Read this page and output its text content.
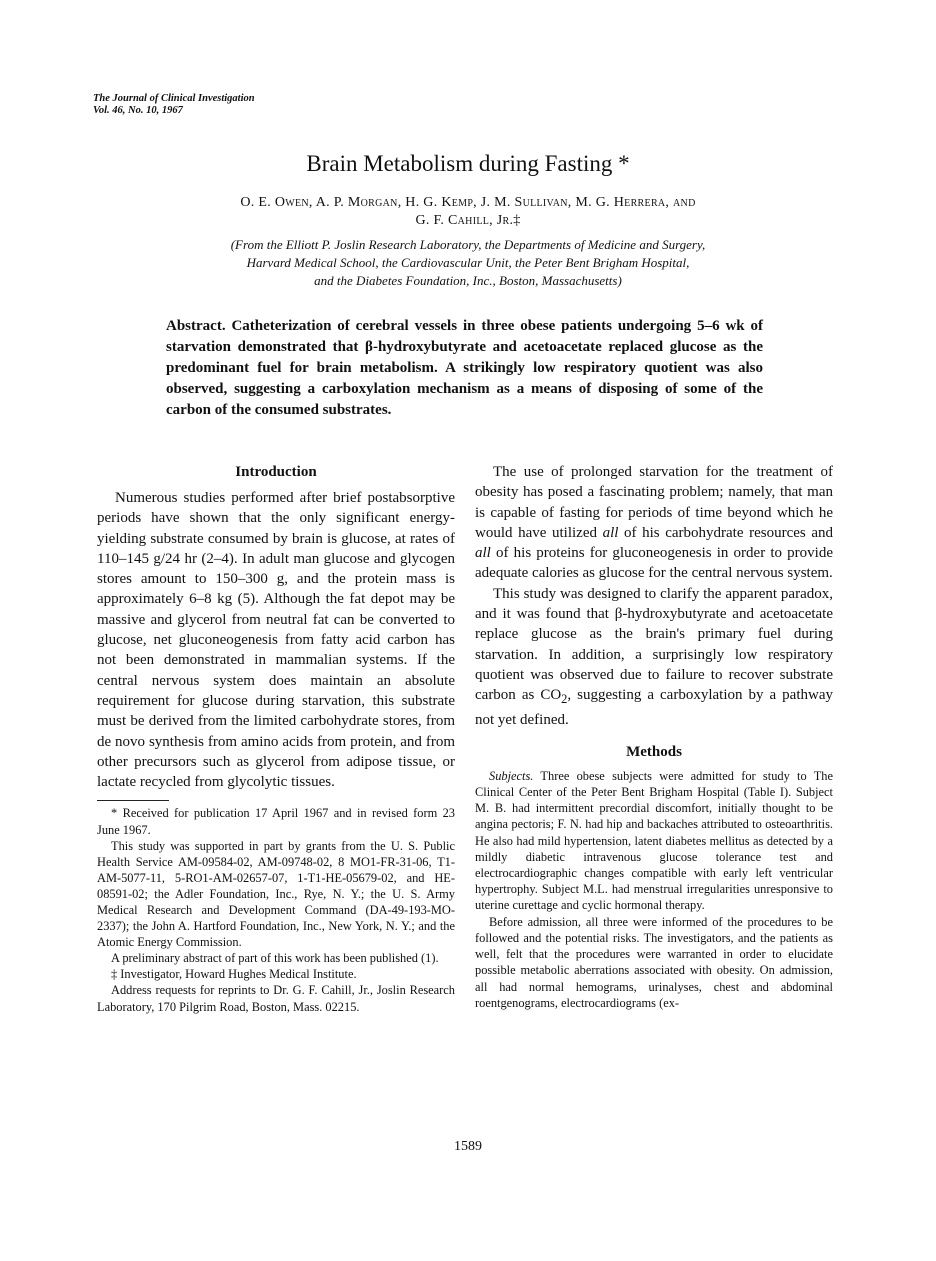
The Journal of Clinical Investigation
Vol. 46, No. 10, 1967
Brain Metabolism during Fasting *
O. E. Owen, A. P. Morgan, H. G. Kemp, J. M. Sullivan, M. G. Herrera, and
G. F. Cahill, Jr.‡
(From the Elliott P. Joslin Research Laboratory, the Departments of Medicine and Surgery,
Harvard Medical School, the Cardiovascular Unit, the Peter Bent Brigham Hospital,
and the Diabetes Foundation, Inc., Boston, Massachusetts)
Abstract. Catheterization of cerebral vessels in three obese patients undergoing 5–6 wk of starvation demonstrated that β-hydroxybutyrate and acetoacetate replaced glucose as the predominant fuel for brain metabolism. A strikingly low respiratory quotient was also observed, suggesting a carboxylation mechanism as a means of disposing of some of the carbon of the consumed substrates.
Introduction

Numerous studies performed after brief postabsorptive periods have shown that the only significant energy-yielding substrate consumed by brain is glucose, at rates of 110–145 g/24 hr (2–4). In adult man glucose and glycogen stores amount to 150–300 g, and the protein mass is approximately 6–8 kg (5). Although the fat depot may be massive and glycerol from neutral fat can be converted to glucose, net gluconeogenesis from fatty acid carbon has not been demonstrated in mammalian systems. If the central nervous system does maintain an absolute requirement for glucose during starvation, this substrate must be derived from the limited carbohydrate stores, from de novo synthesis from amino acids from protein, and from other precursors such as glycerol from adipose tissue, or lactate recycled from glycolytic tissues.

* Received for publication 17 April 1967 and in revised form 23 June 1967.

This study was supported in part by grants from the U. S. Public Health Service AM-09584-02, AM-09748-02, 8 MO1-FR-31-06, T1-AM-5077-11, 5-RO1-AM-02657-07, 1-T1-HE-05679-02, and HE-08591-02; the Adler Foundation, Inc., Rye, N. Y.; the U. S. Army Medical Research and Development Command (DA-49-193-MO-2337); the John A. Hartford Foundation, Inc., New York, N. Y.; and the Atomic Energy Commission.

A preliminary abstract of part of this work has been published (1).

‡ Investigator, Howard Hughes Medical Institute.

Address requests for reprints to Dr. G. F. Cahill, Jr., Joslin Research Laboratory, 170 Pilgrim Road, Boston, Mass. 02215.

The use of prolonged starvation for the treatment of obesity has posed a fascinating problem; namely, that man is capable of fasting for periods of time beyond which he would have utilized all of his carbohydrate resources and all of his proteins for gluconeogenesis in order to provide adequate calories as glucose for the central nervous system.

This study was designed to clarify the apparent paradox, and it was found that β-hydroxybutyrate and acetoacetate replace glucose as the brain's primary fuel during starvation. In addition, a surprisingly low respiratory quotient was observed due to failure to recover substrate carbon as $CO_2$, suggesting a carboxylation by a pathway not yet defined.

Methods

Subjects. Three obese subjects were admitted for study to The Clinical Center of the Peter Bent Brigham Hospital (Table I). Subject M. B. had intermittent precordial discomfort, initially thought to be angina pectoris; F. N. had hip and backaches attributed to osteoarthritis. He also had mild hypertension, latent diabetes mellitus as detected by a mildly diabetic intravenous glucose tolerance test and electrocardiographic changes compatible with early left ventricular hypertrophy. Subject M.L. had menstrual irregularities unresponsive to uterine curettage and cyclic hormonal therapy.

Before admission, all three were informed of the procedures to be followed and the potential risks. The investigators, and the patients as well, felt that the procedures were warranted in order to elucidate possible metabolic aberrations associated with obesity. On admission, all had normal hemograms, urinalyses, chest and abdominal roentgenograms, electrocardiograms (ex-

1589
